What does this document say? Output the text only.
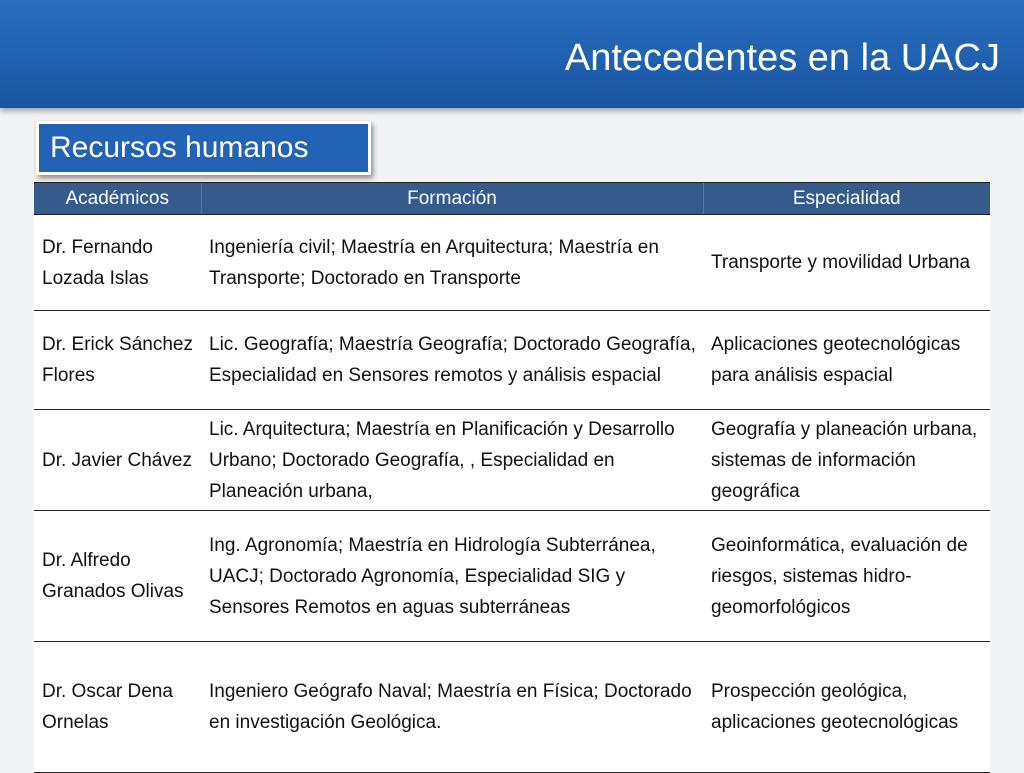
Antecedentes en la UACJ
Recursos humanos
Académicos	Formación	Especialidad
Dr. Fernando Lozada Islas	Ingeniería civil; Maestría en Arquitectura; Maestría en Transporte; Doctorado en Transporte	Transporte y movilidad Urbana
Dr. Erick Sánchez Flores	Lic. Geografía; Maestría Geografía; Doctorado Geografía, Especialidad en Sensores remotos y análisis espacial	Aplicaciones geotecnológicas para análisis espacial
Dr. Javier Chávez	Lic. Arquitectura; Maestría en Planificación y Desarrollo Urbano; Doctorado Geografía, , Especialidad en Planeación urbana,	Geografía y planeación urbana, sistemas de información geográfica
Dr. Alfredo Granados Olivas	Ing. Agronomía; Maestría en Hidrología Subterránea, UACJ; Doctorado Agronomía, Especialidad SIG y Sensores Remotos en aguas subterráneas	Geoinformática, evaluación de riesgos, sistemas hidro-geomorfológicos
Dr. Oscar Dena Ornelas	Ingeniero Geógrafo Naval; Maestría en Física; Doctorado en investigación Geológica.	Prospección geológica, aplicaciones geotecnológicas
